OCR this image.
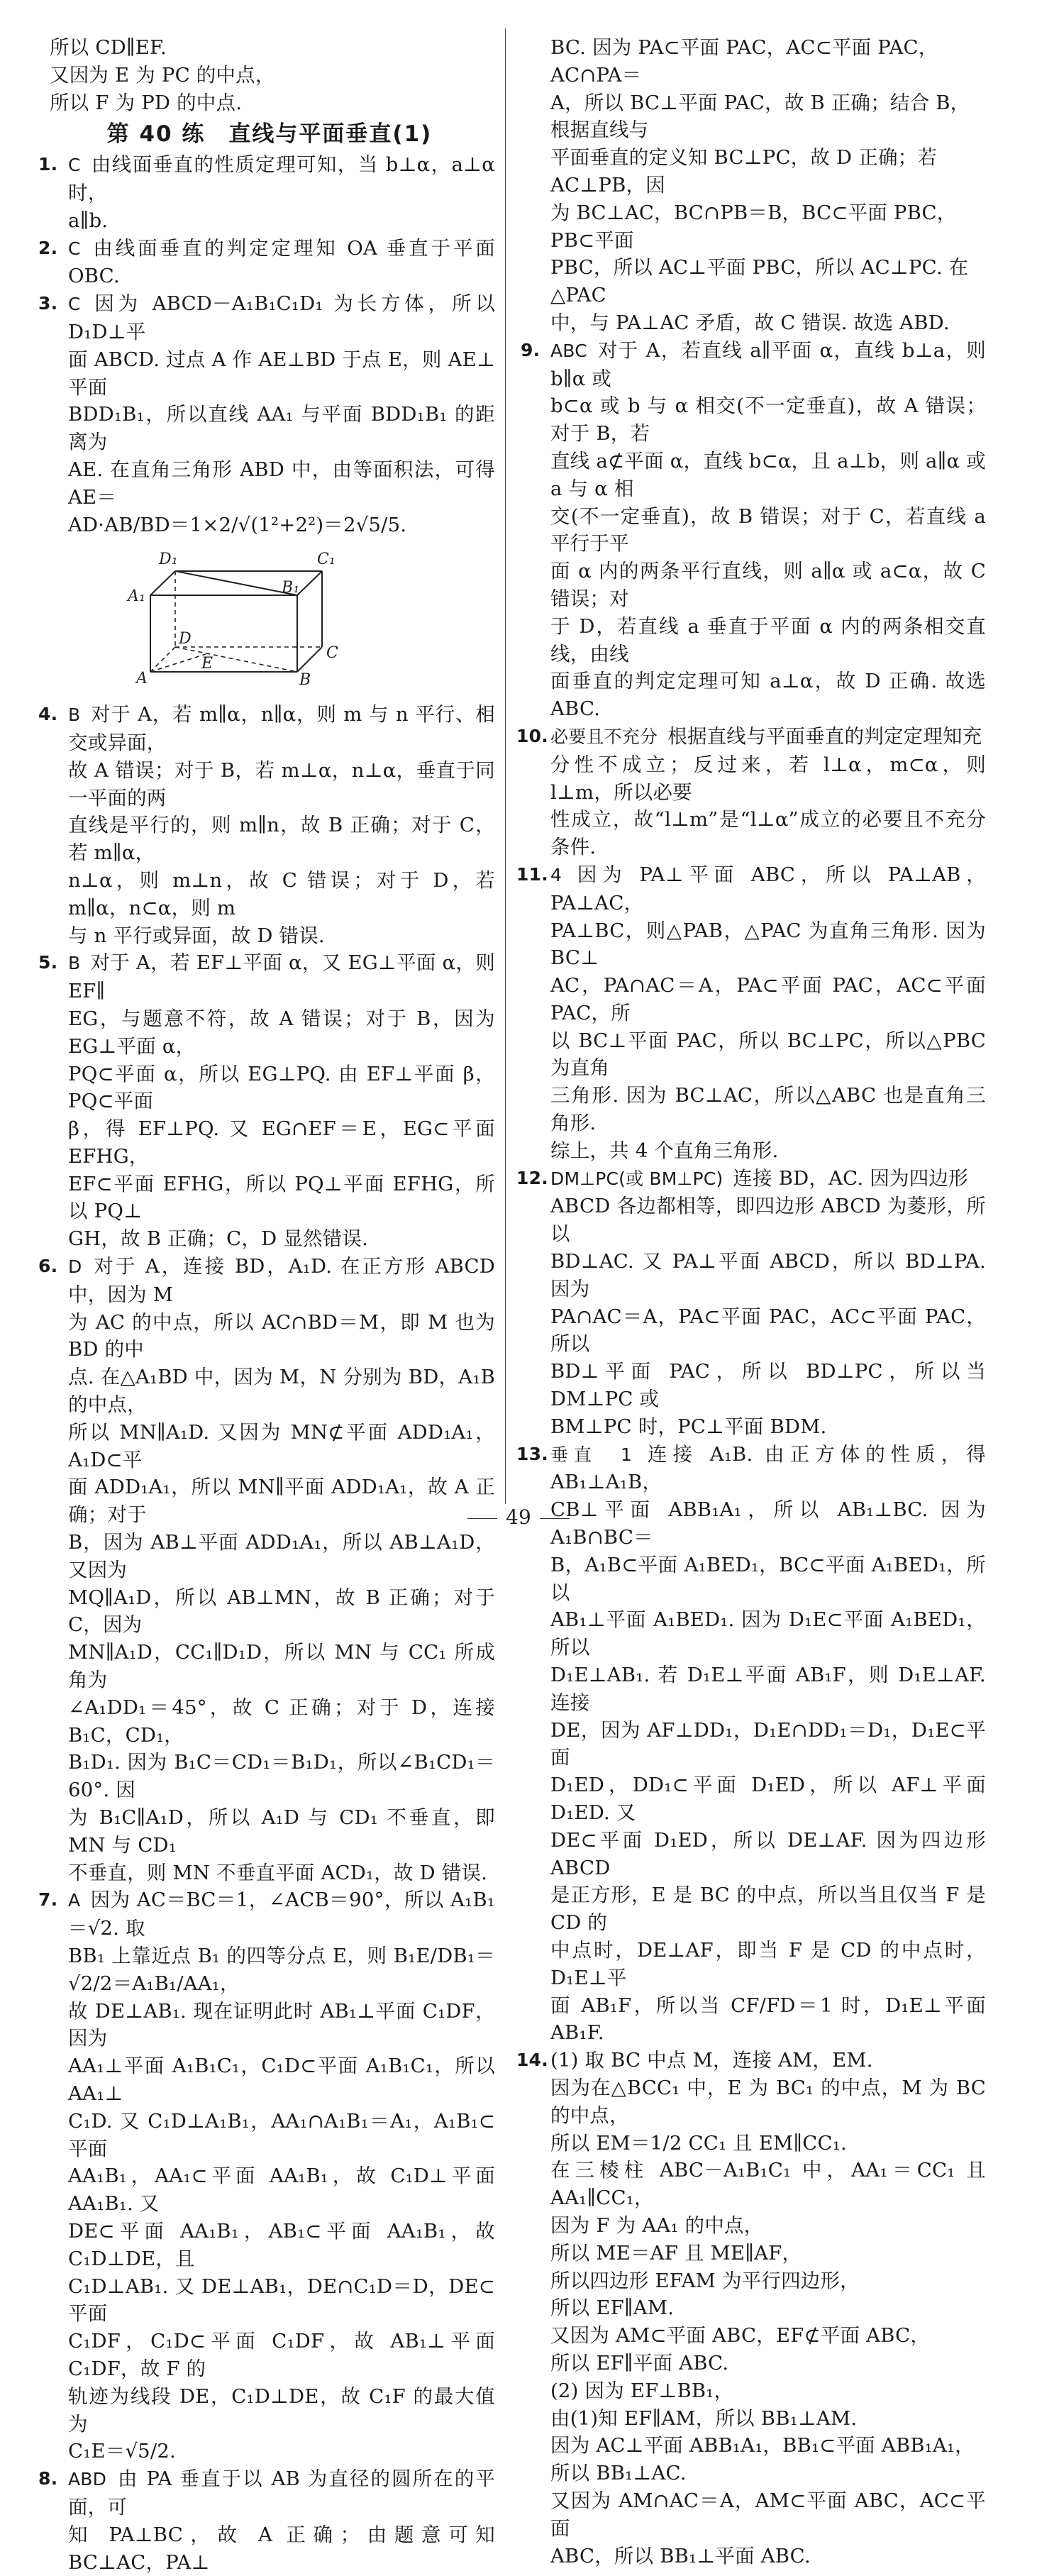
所以 CD∥EF.

又因为 E 为 PC 的中点，

所以 F 为 PD 的中点.

第 40 练　直线与平面垂直(1)
1. C 由线面垂直的性质定理可知，当 b⊥α，a⊥α 时，

a∥b.

2. C 由线面垂直的判定定理知 OA 垂直于平面 OBC.

3. C 因为 ABCD－A₁B₁C₁D₁ 为长方体，所以 D₁D⊥平

面 ABCD. 过点 A 作 AE⊥BD 于点 E，则 AE⊥平面

BDD₁B₁，所以直线 AA₁ 与平面 BDD₁B₁ 的距离为

AE. 在直角三角形 ABD 中，由等面积法，可得 AE＝

AD·AB/BD＝1×2/√(1²+2²)＝2√5/5.

D₁	C₁
A₁	B₁
D
C
A	B
E
4. B 对于 A，若 m∥α，n∥α，则 m 与 n 平行、相交或异面，

故 A 错误；对于 B，若 m⊥α，n⊥α，垂直于同一平面的两

直线是平行的，则 m∥n，故 B 正确；对于 C，若 m∥α，

n⊥α，则 m⊥n，故 C 错误；对于 D，若 m∥α，n⊂α，则 m

与 n 平行或异面，故 D 错误.

5. B 对于 A，若 EF⊥平面 α，又 EG⊥平面 α，则 EF∥

EG，与题意不符，故 A 错误；对于 B，因为 EG⊥平面 α，

PQ⊂平面 α，所以 EG⊥PQ. 由 EF⊥平面 β，PQ⊂平面

β，得 EF⊥PQ. 又 EG∩EF＝E，EG⊂平面 EFHG，

EF⊂平面 EFHG，所以 PQ⊥平面 EFHG，所以 PQ⊥

GH，故 B 正确；C，D 显然错误.

6. D 对于 A，连接 BD，A₁D. 在正方形 ABCD 中，因为 M

为 AC 的中点，所以 AC∩BD＝M，即 M 也为 BD 的中

点. 在△A₁BD 中，因为 M，N 分别为 BD，A₁B 的中点，

所以 MN∥A₁D. 又因为 MN⊄平面 ADD₁A₁，A₁D⊂平

面 ADD₁A₁，所以 MN∥平面 ADD₁A₁，故 A 正确；对于

B，因为 AB⊥平面 ADD₁A₁，所以 AB⊥A₁D，又因为

MQ∥A₁D，所以 AB⊥MN，故 B 正确；对于 C，因为

MN∥A₁D，CC₁∥D₁D，所以 MN 与 CC₁ 所成角为

∠A₁DD₁＝45°，故 C 正确；对于 D，连接 B₁C，CD₁，

B₁D₁. 因为 B₁C＝CD₁＝B₁D₁，所以∠B₁CD₁＝60°. 因

为 B₁C∥A₁D，所以 A₁D 与 CD₁ 不垂直，即 MN 与 CD₁

不垂直，则 MN 不垂直平面 ACD₁，故 D 错误.

7. A 因为 AC＝BC＝1，∠ACB＝90°，所以 A₁B₁＝√2. 取

BB₁ 上靠近点 B₁ 的四等分点 E，则 B₁E/DB₁＝√2/2＝A₁B₁/AA₁，

故 DE⊥AB₁. 现在证明此时 AB₁⊥平面 C₁DF，因为

AA₁⊥平面 A₁B₁C₁，C₁D⊂平面 A₁B₁C₁，所以 AA₁⊥

C₁D. 又 C₁D⊥A₁B₁，AA₁∩A₁B₁＝A₁，A₁B₁⊂平面

AA₁B₁，AA₁⊂平面 AA₁B₁，故 C₁D⊥平面 AA₁B₁. 又

DE⊂平面 AA₁B₁，AB₁⊂平面 AA₁B₁，故 C₁D⊥DE，且

C₁D⊥AB₁. 又 DE⊥AB₁，DE∩C₁D＝D，DE⊂平面

C₁DF，C₁D⊂平面 C₁DF，故 AB₁⊥平面 C₁DF，故 F 的

轨迹为线段 DE，C₁D⊥DE，故 C₁F 的最大值为

C₁E＝√5/2.

8. ABD 由 PA 垂直于以 AB 为直径的圆所在的平面，可

知 PA⊥BC，故 A 正确；由题意可知 BC⊥AC，PA⊥

BC. 因为 PA⊂平面 PAC，AC⊂平面 PAC，AC∩PA＝

A，所以 BC⊥平面 PAC，故 B 正确；结合 B，根据直线与

平面垂直的定义知 BC⊥PC，故 D 正确；若 AC⊥PB，因

为 BC⊥AC，BC∩PB＝B，BC⊂平面 PBC，PB⊂平面

PBC，所以 AC⊥平面 PBC，所以 AC⊥PC. 在△PAC

中，与 PA⊥AC 矛盾，故 C 错误. 故选 ABD.

9. ABC 对于 A，若直线 a∥平面 α，直线 b⊥a，则 b∥α 或

b⊂α 或 b 与 α 相交(不一定垂直)，故 A 错误；对于 B，若

直线 a⊄平面 α，直线 b⊂α，且 a⊥b，则 a∥α 或 a 与 α 相

交(不一定垂直)，故 B 错误；对于 C，若直线 a 平行于平

面 α 内的两条平行直线，则 a∥α 或 a⊂α，故 C 错误；对

于 D，若直线 a 垂直于平面 α 内的两条相交直线，由线

面垂直的判定定理可知 a⊥α，故 D 正确. 故选 ABC.

10. 必要且不充分 根据直线与平面垂直的判定定理知充

分性不成立；反过来，若 l⊥α，m⊂α，则 l⊥m，所以必要

性成立，故“l⊥m”是“l⊥α”成立的必要且不充分条件.

11. 4 因为 PA⊥平面 ABC，所以 PA⊥AB，PA⊥AC，

PA⊥BC，则△PAB，△PAC 为直角三角形. 因为 BC⊥

AC，PA∩AC＝A，PA⊂平面 PAC，AC⊂平面 PAC，所

以 BC⊥平面 PAC，所以 BC⊥PC，所以△PBC 为直角

三角形. 因为 BC⊥AC，所以△ABC 也是直角三角形.

综上，共 4 个直角三角形.

12. DM⊥PC(或 BM⊥PC) 连接 BD，AC. 因为四边形

ABCD 各边都相等，即四边形 ABCD 为菱形，所以

BD⊥AC. 又 PA⊥平面 ABCD，所以 BD⊥PA. 因为

PA∩AC＝A，PA⊂平面 PAC，AC⊂平面 PAC，所以

BD⊥平面 PAC，所以 BD⊥PC，所以当 DM⊥PC 或

BM⊥PC 时，PC⊥平面 BDM.

13. 垂直　1 连接 A₁B. 由正方体的性质，得 AB₁⊥A₁B，

CB⊥平面 ABB₁A₁，所以 AB₁⊥BC. 因为 A₁B∩BC＝

B，A₁B⊂平面 A₁BED₁，BC⊂平面 A₁BED₁，所以

AB₁⊥平面 A₁BED₁. 因为 D₁E⊂平面 A₁BED₁，所以

D₁E⊥AB₁. 若 D₁E⊥平面 AB₁F，则 D₁E⊥AF. 连接

DE，因为 AF⊥DD₁，D₁E∩DD₁＝D₁，D₁E⊂平面

D₁ED，DD₁⊂平面 D₁ED，所以 AF⊥平面 D₁ED. 又

DE⊂平面 D₁ED，所以 DE⊥AF. 因为四边形 ABCD

是正方形，E 是 BC 的中点，所以当且仅当 F 是 CD 的

中点时，DE⊥AF，即当 F 是 CD 的中点时，D₁E⊥平

面 AB₁F，所以当 CF/FD＝1 时，D₁E⊥平面 AB₁F.

14. (1) 取 BC 中点 M，连接 AM，EM.

因为在△BCC₁ 中，E 为 BC₁ 的中点，M 为 BC 的中点，

所以 EM＝1/2 CC₁ 且 EM∥CC₁.

在三棱柱 ABC－A₁B₁C₁ 中，AA₁＝CC₁ 且 AA₁∥CC₁，

因为 F 为 AA₁ 的中点，

所以 ME＝AF 且 ME∥AF，

所以四边形 EFAM 为平行四边形，

所以 EF∥AM.

又因为 AM⊂平面 ABC，EF⊄平面 ABC，

所以 EF∥平面 ABC.

(2) 因为 EF⊥BB₁，

由(1)知 EF∥AM，所以 BB₁⊥AM.

因为 AC⊥平面 ABB₁A₁，BB₁⊂平面 ABB₁A₁，

所以 BB₁⊥AC.

又因为 AM∩AC＝A，AM⊂平面 ABC，AC⊂平面

ABC，所以 BB₁⊥平面 ABC.

49
